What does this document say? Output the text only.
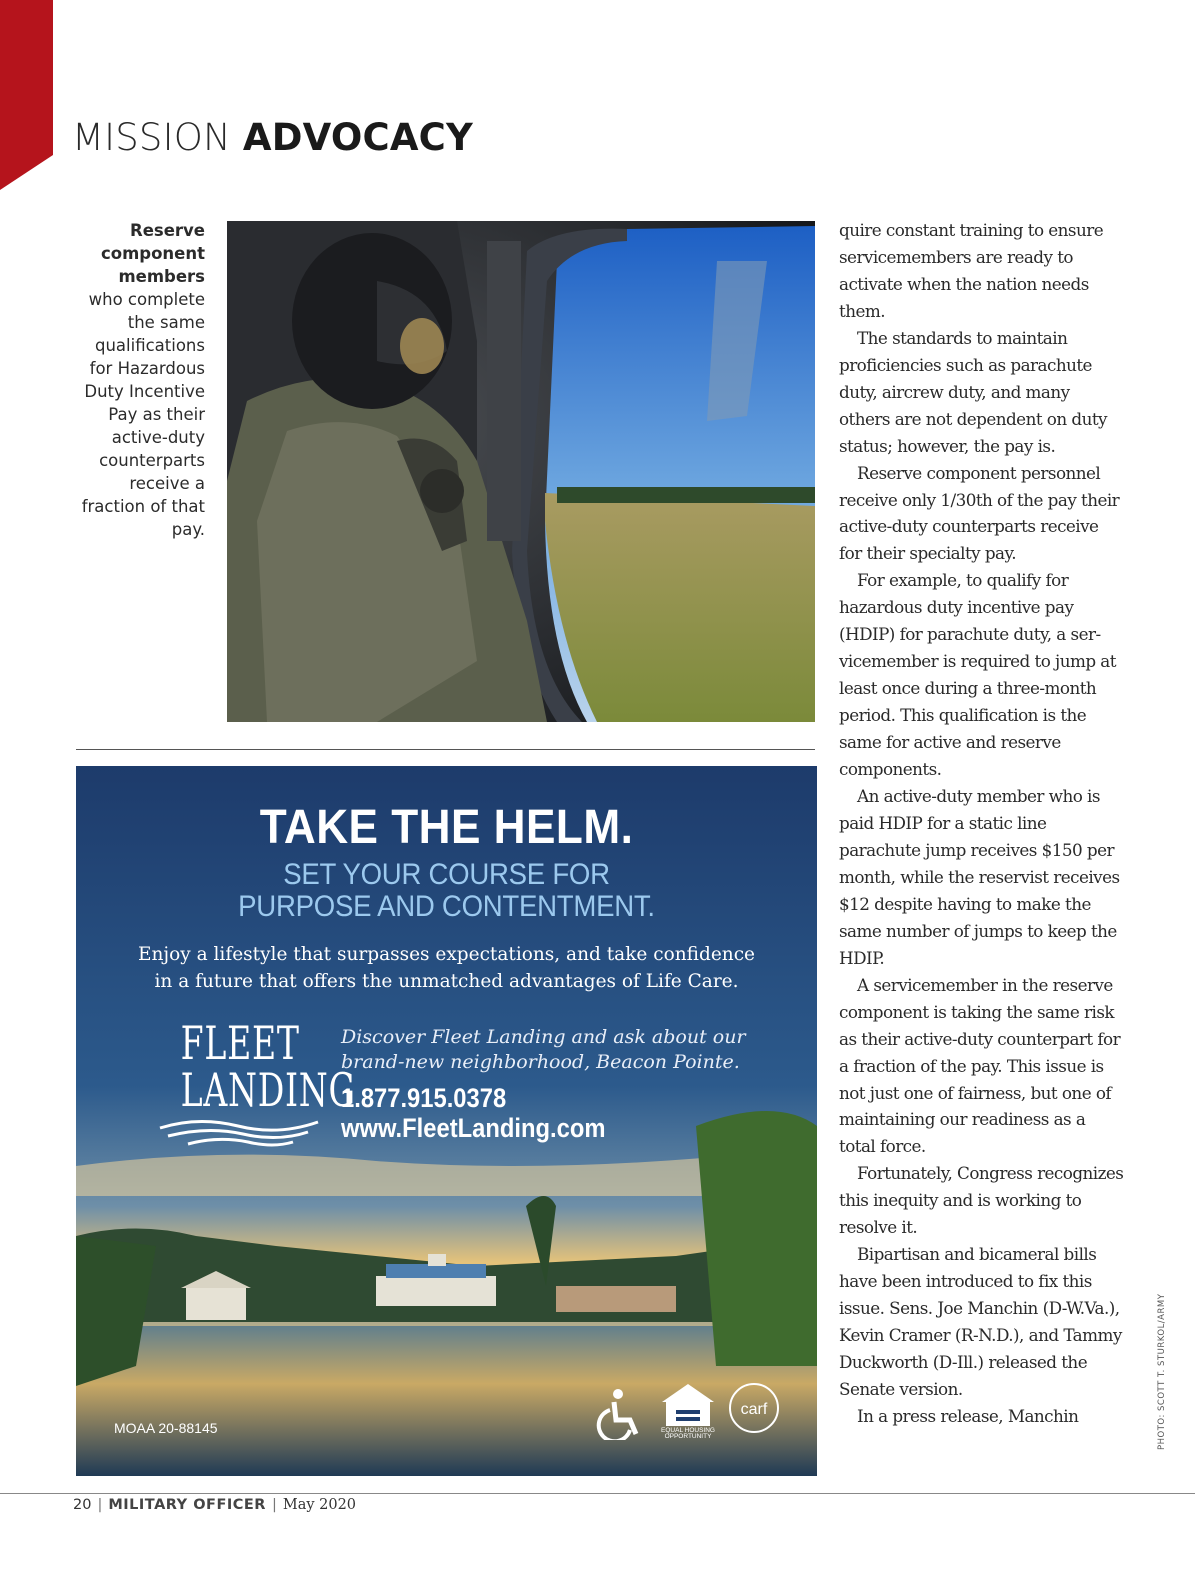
MISSION ADVOCACY
Reserve
component
members
who complete
the same
qualifications
for Hazardous
Duty Incentive
Pay as their
active-duty
counterparts
receive a
fraction of that
pay.
PHOTO: SCOTT T. STURKOL/ARMY
EQUAL HOUSING
OPPORTUNITY
carf
TAKE THE HELM.
SET YOUR COURSE FOR
PURPOSE AND CONTENTMENT.
Enjoy a lifestyle that surpasses expectations, and take confidence
in a future that offers the unmatched advantages of Life Care.
FLEET
LANDING
Discover Fleet Landing and ask about our
brand-new neighborhood, Beacon Pointe.
1.877.915.0378
www.FleetLanding.com
MOAA 20-88145

quire constant training to ensure servicemembers are ready to activate when the nation needs them.

The standards to maintain proficiencies such as parachute duty, aircrew duty, and many others are not dependent on duty status; however, the pay is.

Reserve component personnel receive only 1/30th of the pay their active-duty counterparts receive for their specialty pay.

For example, to qualify for hazardous duty incentive pay (HDIP) for parachute duty, a servicemember is required to jump at least once during a three-month period. This qualification is the same for active and reserve components.

An active-duty member who is paid HDIP for a static line parachute jump receives $150 per month, while the reservist receives $12 despite having to make the same number of jumps to keep the HDIP.

A servicemember in the reserve component is taking the same risk as their active-duty counterpart for a fraction of the pay. This issue is not just one of fairness, but one of maintaining our readiness as a total force.

Fortunately, Congress recognizes this inequity and is working to resolve it.

Bipartisan and bicameral bills have been introduced to fix this issue. Sens. Joe Manchin (D-W.Va.), Kevin Cramer (R-N.D.), and Tammy Duckworth (D-Ill.) released the Senate version.

In a press release, Manchin

20 | MILITARY OFFICER | May 2020
